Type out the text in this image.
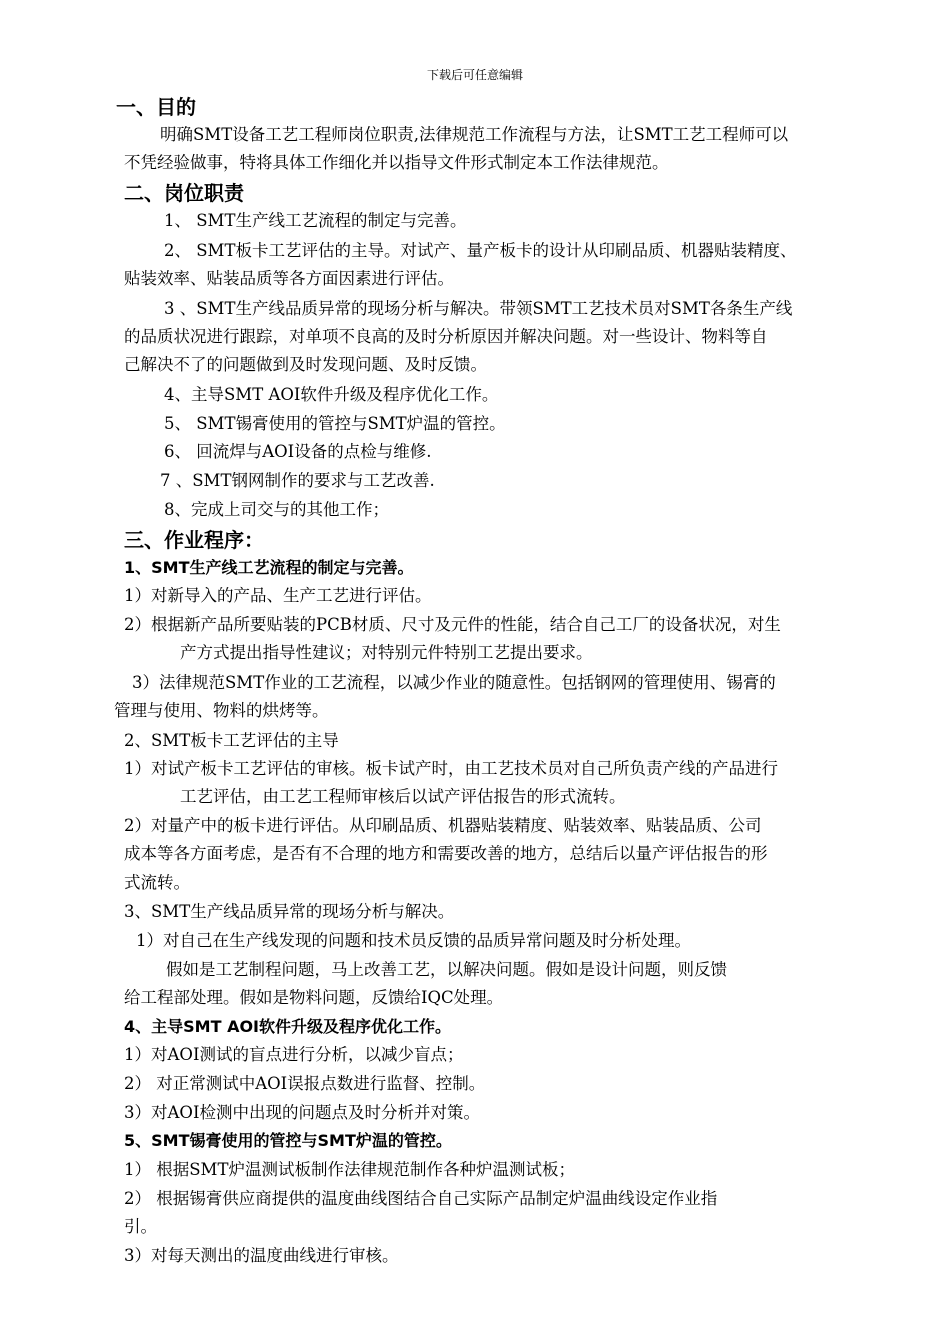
下载后可任意编辑
一、目的
明确SMT设备工艺工程师岗位职责,法律规范工作流程与方法，让SMT工艺工程师可以
不凭经验做事，特将具体工作细化并以指导文件形式制定本工作法律规范。
二、岗位职责
1、 SMT生产线工艺流程的制定与完善。
2、 SMT板卡工艺评估的主导。对试产、量产板卡的设计从印刷品质、机器贴装精度、
贴装效率、贴装品质等各方面因素进行评估。
3 、SMT生产线品质异常的现场分析与解决。带领SMT工艺技术员对SMT各条生产线
的品质状况进行跟踪，对单项不良高的及时分析原因并解决问题。对一些设计、物料等自
己解决不了的问题做到及时发现问题、及时反馈。
4、主导SMT AOI软件升级及程序优化工作。
5、 SMT锡膏使用的管控与SMT炉温的管控。
6、 回流焊与AOI设备的点检与维修.
7 、SMT钢网制作的要求与工艺改善.
8、完成上司交与的其他工作；
三、作业程序：
1、SMT生产线工艺流程的制定与完善。
1）对新导入的产品、生产工艺进行评估。
2）根据新产品所要贴装的PCB材质、尺寸及元件的性能，结合自己工厂的设备状况，对生
产方式提出指导性建议；对特别元件特别工艺提出要求。
3）法律规范SMT作业的工艺流程，以减少作业的随意性。包括钢网的管理使用、锡膏的
管理与使用、物料的烘烤等。
2、SMT板卡工艺评估的主导
1）对试产板卡工艺评估的审核。板卡试产时，由工艺技术员对自己所负责产线的产品进行
工艺评估，由工艺工程师审核后以试产评估报告的形式流转。
2）对量产中的板卡进行评估。从印刷品质、机器贴装精度、贴装效率、贴装品质、公司
成本等各方面考虑，是否有不合理的地方和需要改善的地方，总结后以量产评估报告的形
式流转。
3、SMT生产线品质异常的现场分析与解决。
1）对自己在生产线发现的问题和技术员反馈的品质异常问题及时分析处理。
假如是工艺制程问题，马上改善工艺，以解决问题。假如是设计问题，则反馈
给工程部处理。假如是物料问题，反馈给IQC处理。
4、主导SMT AOI软件升级及程序优化工作。
1）对AOI测试的盲点进行分析，以减少盲点；
2） 对正常测试中AOI误报点数进行监督、控制。
3）对AOI检测中出现的问题点及时分析并对策。
5、SMT锡膏使用的管控与SMT炉温的管控。
1） 根据SMT炉温测试板制作法律规范制作各种炉温测试板；
2） 根据锡膏供应商提供的温度曲线图结合自己实际产品制定炉温曲线设定作业指
引。
3）对每天测出的温度曲线进行审核。
